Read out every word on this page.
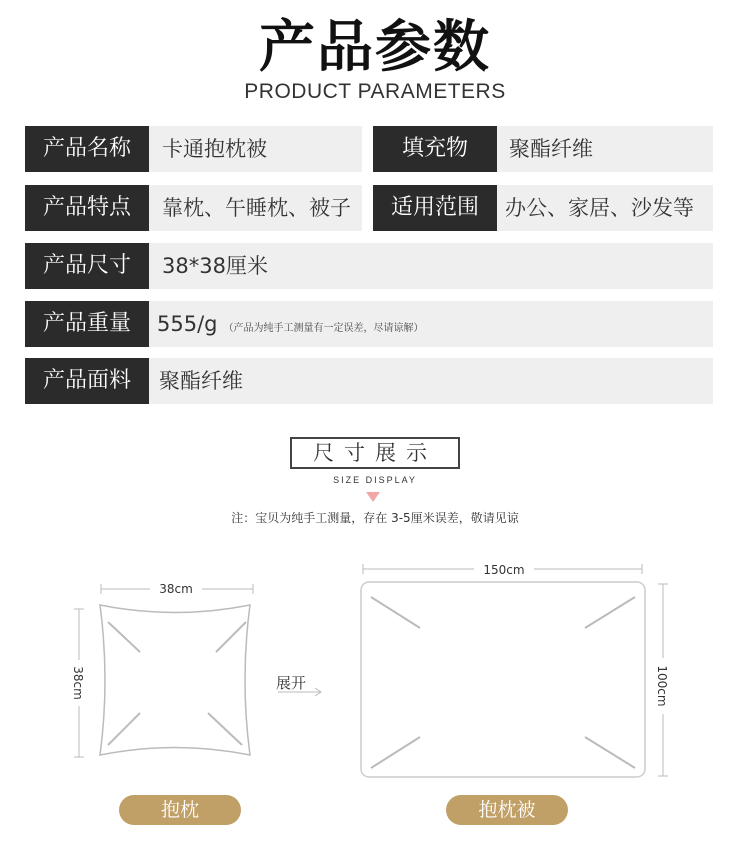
产品参数
PRODUCT PARAMETERS
产品名称	卡通抱枕被	填充物	聚酯纤维
产品特点	靠枕、午睡枕、被子	适用范围	办公、家居、沙发等
产品尺寸	38*38厘米
产品重量	555/g （产品为纯手工测量有一定误差，尽请谅解）
产品面料	聚酯纤维
尺寸展示
SIZE DISPLAY
注：宝贝为纯手工测量，存在 3-5厘米误差，敬请见谅
38cm
38cm
150cm
100cm
展开
抱枕	抱枕被
